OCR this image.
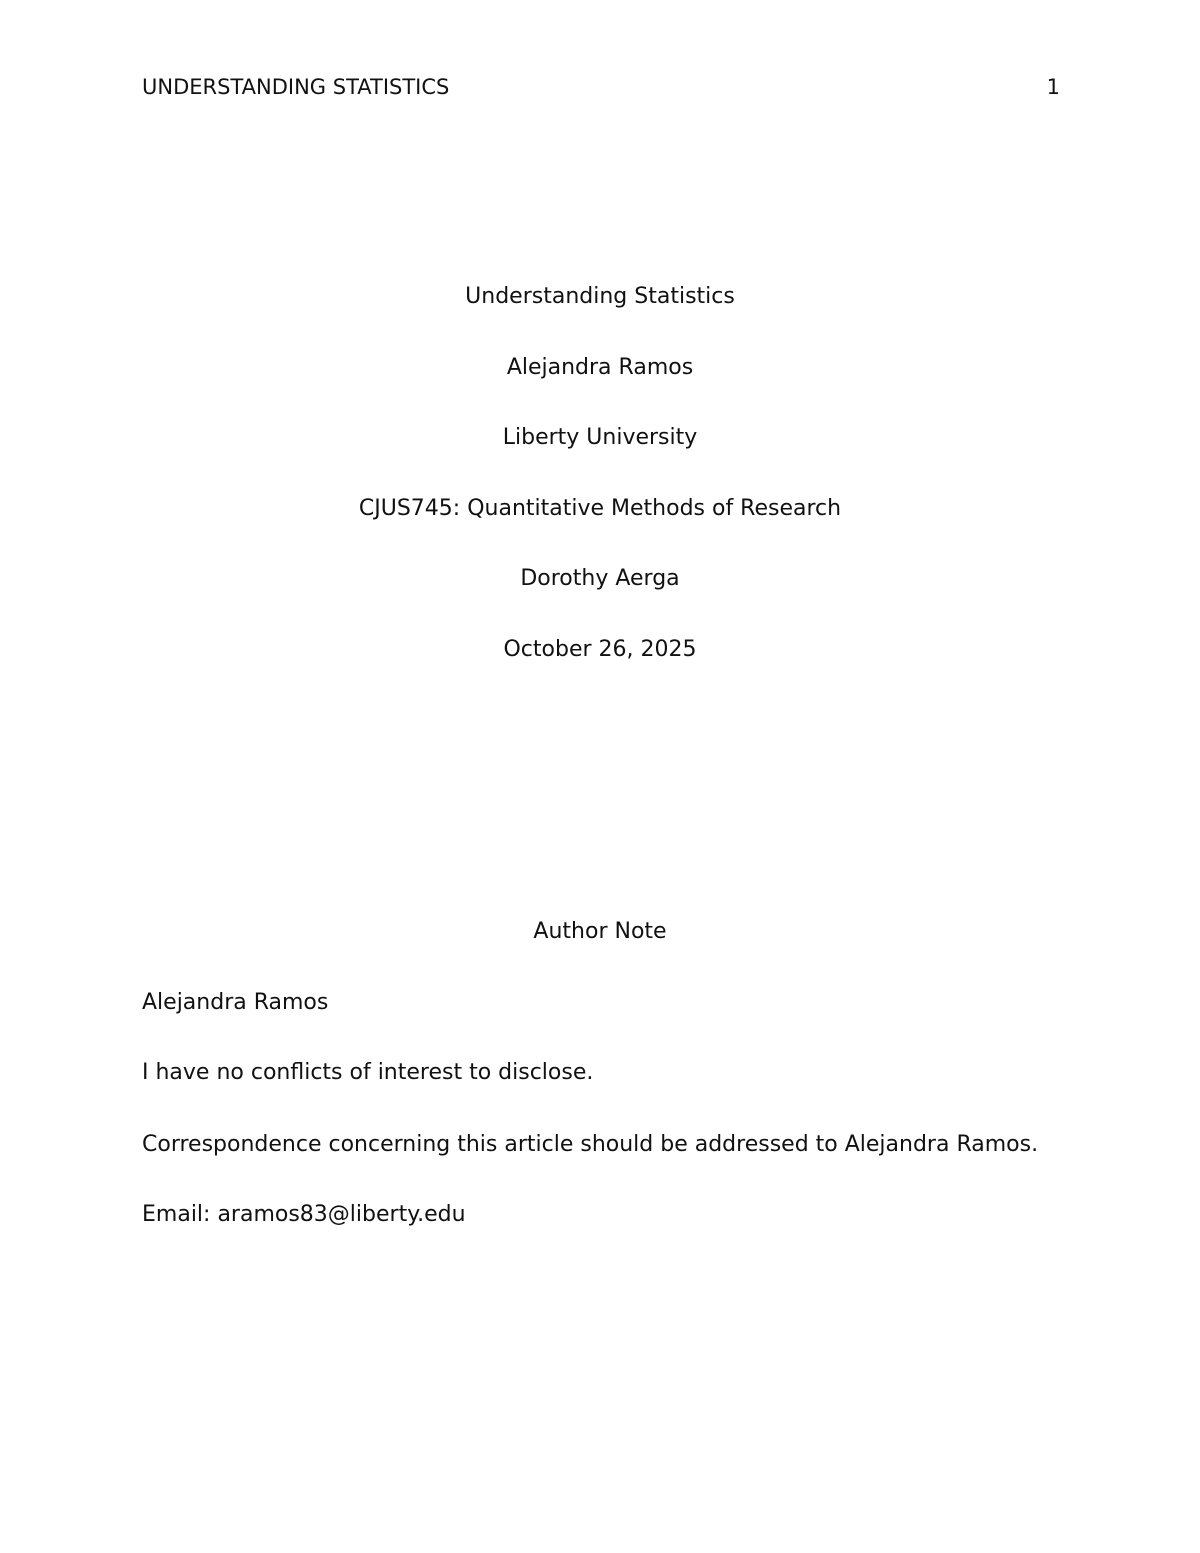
UNDERSTANDING STATISTICS	1
Understanding Statistics
Alejandra Ramos
Liberty University
CJUS745: Quantitative Methods of Research
Dorothy Aerga
October 26, 2025
Author Note
Alejandra Ramos
I have no conflicts of interest to disclose.
Correspondence concerning this article should be addressed to Alejandra Ramos.
Email: aramos83@liberty.edu
